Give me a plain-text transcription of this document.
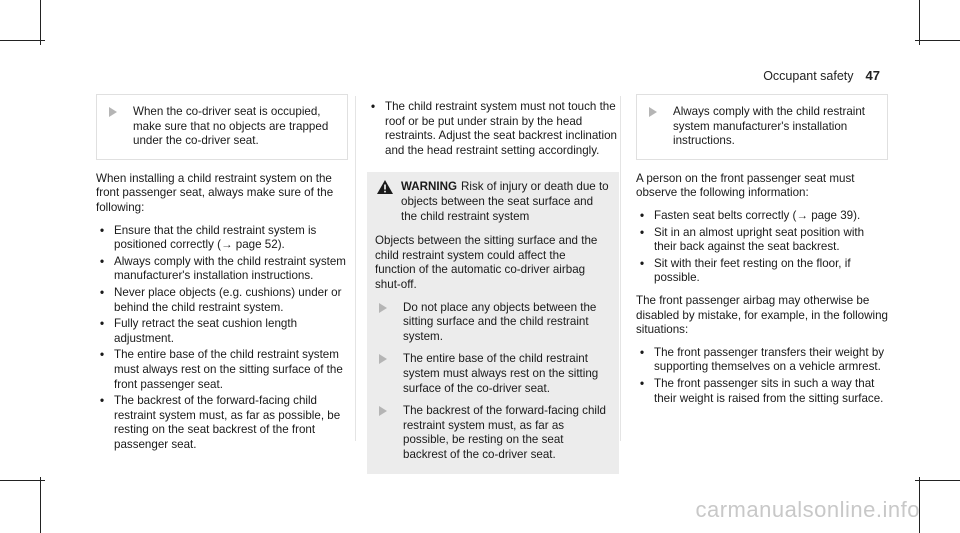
Occupant safety 47
When the co-driver seat is occupied, make sure that no objects are trapped under the co-driver seat.

When installing a child restraint system on the front passenger seat, always make sure of the following:

• Ensure that the child restraint system is positioned correctly (→ page 52).
• Always comply with the child restraint system manufacturer's installation instructions.
• Never place objects (e.g. cushions) under or behind the child restraint system.
• Fully retract the seat cushion length adjustment.
• The entire base of the child restraint system must always rest on the sitting surface of the front passenger seat.
• The backrest of the forward-facing child restraint system must, as far as possible, be resting on the seat backrest of the front passenger seat.
• The child restraint system must not touch the roof or be put under strain by the head restraints. Adjust the seat backrest inclination and the head restraint setting accordingly.
WARNING Risk of injury or death due to objects between the seat surface and the child restraint system
Objects between the sitting surface and the child restraint system could affect the function of the automatic co-driver airbag shut-off.
Do not place any objects between the sitting surface and the child restraint system.
The entire base of the child restraint system must always rest on the sitting surface of the co-driver seat.
The backrest of the forward-facing child restraint system must, as far as possible, be resting on the seat backrest of the co-driver seat.
Always comply with the child restraint system manufacturer's installation instructions.

A person on the front passenger seat must observe the following information:

• Fasten seat belts correctly (→ page 39).
• Sit in an almost upright seat position with their back against the seat backrest.
• Sit with their feet resting on the floor, if possible.

The front passenger airbag may otherwise be disabled by mistake, for example, in the following situations:

• The front passenger transfers their weight by supporting themselves on a vehicle armrest.
• The front passenger sits in such a way that their weight is raised from the sitting surface.
carmanualsonline.info
